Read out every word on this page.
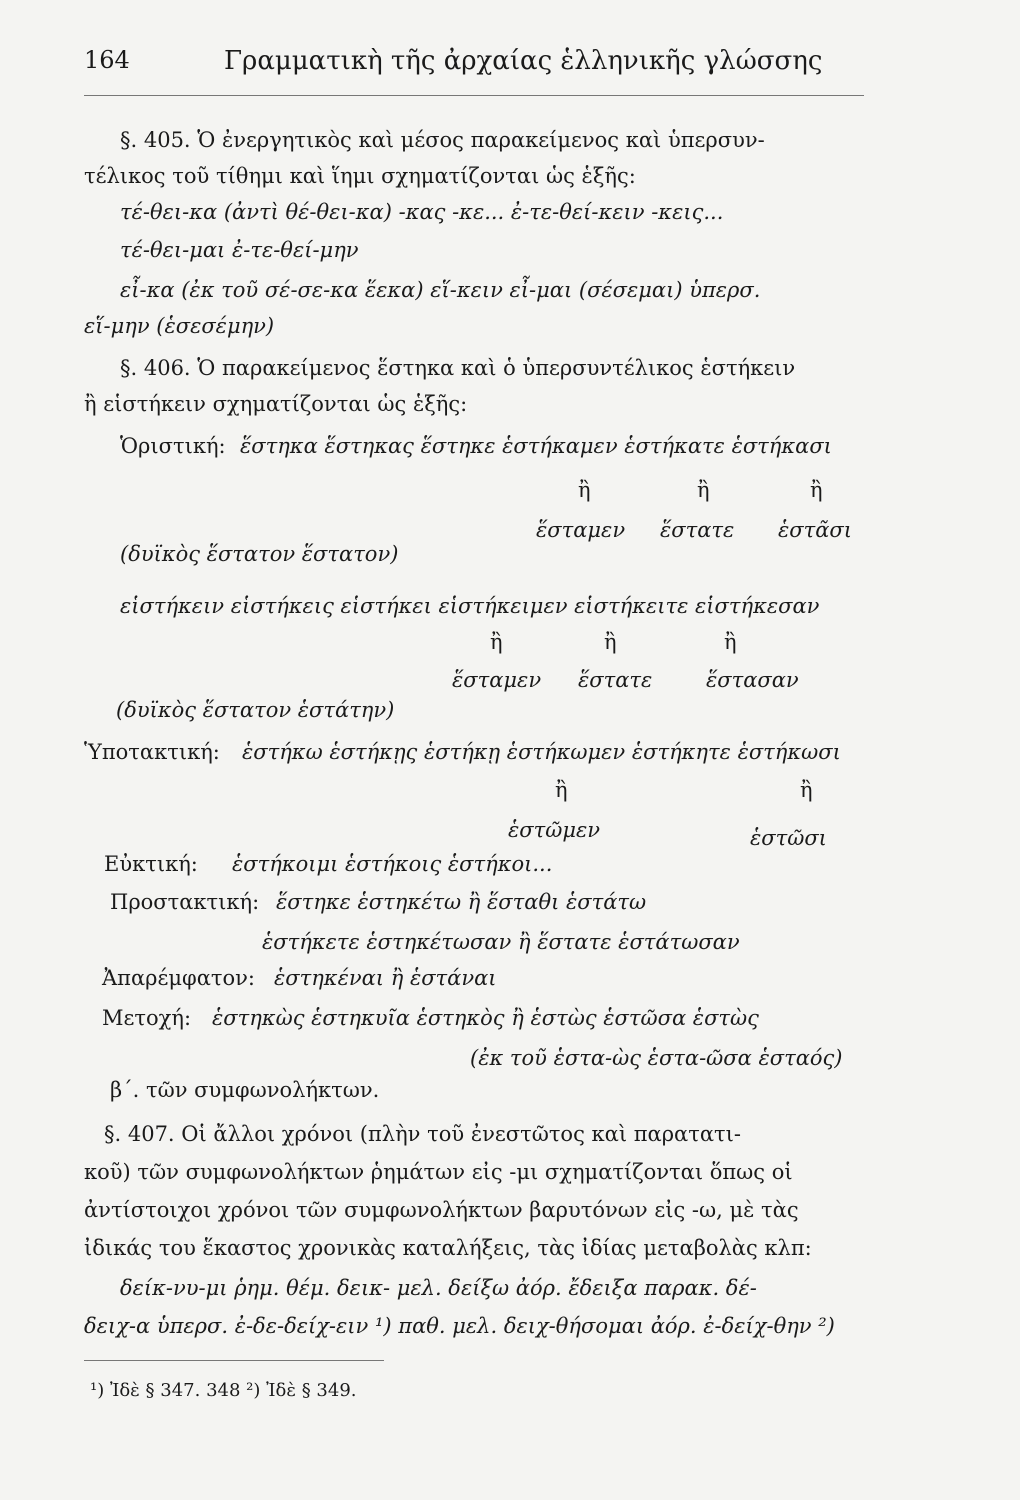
164	Γραμματικὴ τῆς ἀρχαίας ἑλληνικῆς γλώσσης
§. 405. Ὁ ἐνεργητικὸς καὶ μέσος παρακείμενος καὶ ὑπερσυν-
τέλικος τοῦ τίθημι καὶ ἵημι σχηματίζονται ὡς ἑξῆς:
τέ-θει-κα (ἀντὶ θέ-θει-κα) -κας -κε... ἐ-τε-θεί-κειν -κεις...
τέ-θει-μαι ἐ-τε-θεί-μην
εἶ-κα (ἐκ τοῦ σέ-σε-κα ἕεκα) εἵ-κειν εἶ-μαι (σέσεμαι) ὑπερσ.
εἵ-μην (ἑσεσέμην)
§. 406. Ὁ παρακείμενος ἕστηκα καὶ ὁ ὑπερσυντέλικος ἑστήκειν
ἢ εἱστήκειν σχηματίζονται ὡς ἑξῆς:
Ὁριστική: ἕστηκα ἕστηκας ἕστηκε ἑστήκαμεν ἑστήκατε ἑστήκασι
ἢ	ἢ	ἢ
ἕσταμεν ἕστατε ἑστᾶσι
(δυϊκὸς ἕστατον ἕστατον)
εἱστήκειν εἱστήκεις εἱστήκει εἱστήκειμεν εἱστήκειτε εἱστήκεσαν
ἢ	ἢ	ἢ
ἕσταμεν ἕστατε	ἕστασαν
(δυϊκὸς ἕστατον ἑστάτην)
Ὑποτακτική: ἑστήκω ἑστήκῃς ἑστήκῃ ἑστήκωμεν ἑστήκητε ἑστήκωσι
ἢ	ἢ
ἑστῶμεν	ἑστῶσι
Εὐκτική: ἑστήκοιμι ἑστήκοις ἑστήκοι...
Προστακτική: ἕστηκε ἑστηκέτω ἢ ἕσταθι ἑστάτω
ἑστήκετε ἑστηκέτωσαν ἢ ἕστατε ἑστάτωσαν
Ἀπαρέμφατον: ἑστηκέναι ἢ ἑστάναι
Μετοχή: ἑστηκὼς ἑστηκυῖα ἑστηκὸς ἢ ἑστὼς ἑστῶσα ἑστὼς
(ἐκ τοῦ ἑστα-ὼς ἑστα-ῶσα ἑσταός)
β΄. τῶν συμφωνολήκτων.
§. 407. Οἱ ἄλλοι χρόνοι (πλὴν τοῦ ἐνεστῶτος καὶ παρατατι-
κοῦ) τῶν συμφωνολήκτων ῥημάτων εἰς -μι σχηματίζονται ὅπως οἱ
ἀντίστοιχοι χρόνοι τῶν συμφωνολήκτων βαρυτόνων εἰς -ω, μὲ τὰς
ἰδικάς του ἕκαστος χρονικὰς καταλήξεις, τὰς ἰδίας μεταβολὰς κλπ:
δείκ-νυ-μι ῥημ. θέμ. δεικ- μελ. δείξω ἀόρ. ἔδειξα παρακ. δέ-
δειχ-α ὑπερσ. ἐ-δε-δείχ-ειν ¹) παθ. μελ. δειχ-θήσομαι ἀόρ. ἐ-δείχ-θην ²)
¹) Ἰδὲ § 347. 348 ²) Ἰδὲ § 349.
